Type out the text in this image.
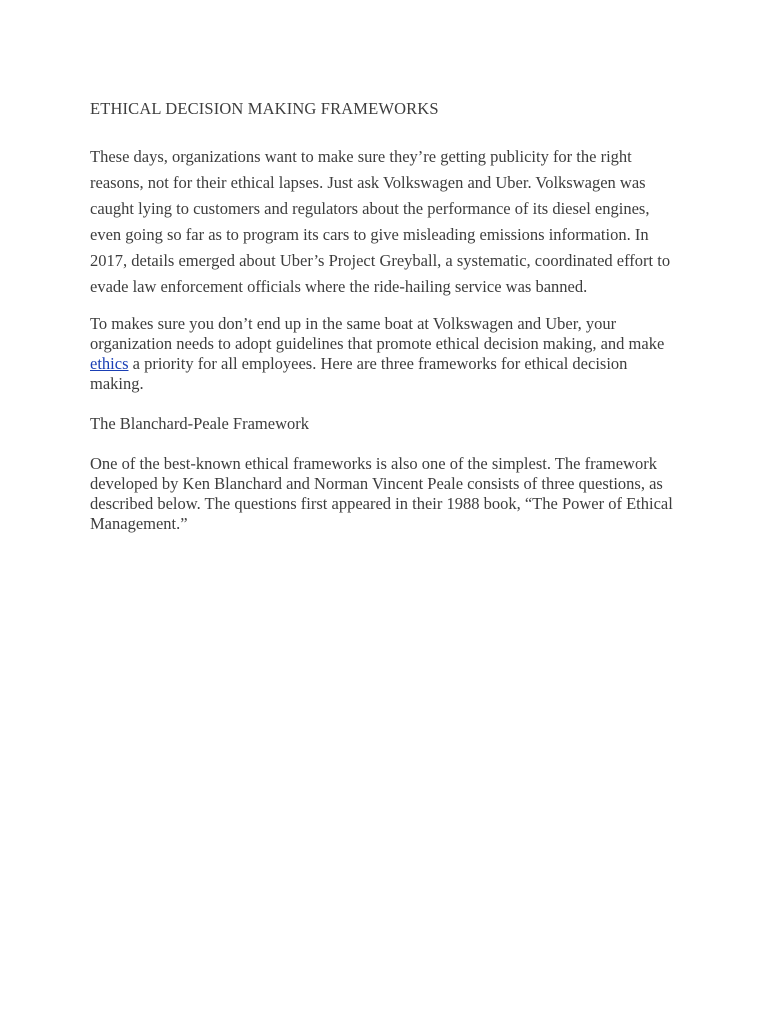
ETHICAL DECISION MAKING FRAMEWORKS

These days, organizations want to make sure they’re getting publicity for the right reasons, not for their ethical lapses. Just ask Volkswagen and Uber. Volkswagen was caught lying to customers and regulators about the performance of its diesel engines, even going so far as to program its cars to give misleading emissions information. In 2017, details emerged about Uber’s Project Greyball, a systematic, coordinated effort to evade law enforcement officials where the ride-hailing service was banned.

To makes sure you don’t end up in the same boat at Volkswagen and Uber, your organization needs to adopt guidelines that promote ethical decision making, and make ethics a priority for all employees. Here are three frameworks for ethical decision making.

The Blanchard-Peale Framework

One of the best-known ethical frameworks is also one of the simplest. The framework developed by Ken Blanchard and Norman Vincent Peale consists of three questions, as described below. The questions first appeared in their 1988 book, “The Power of Ethical Management.”
